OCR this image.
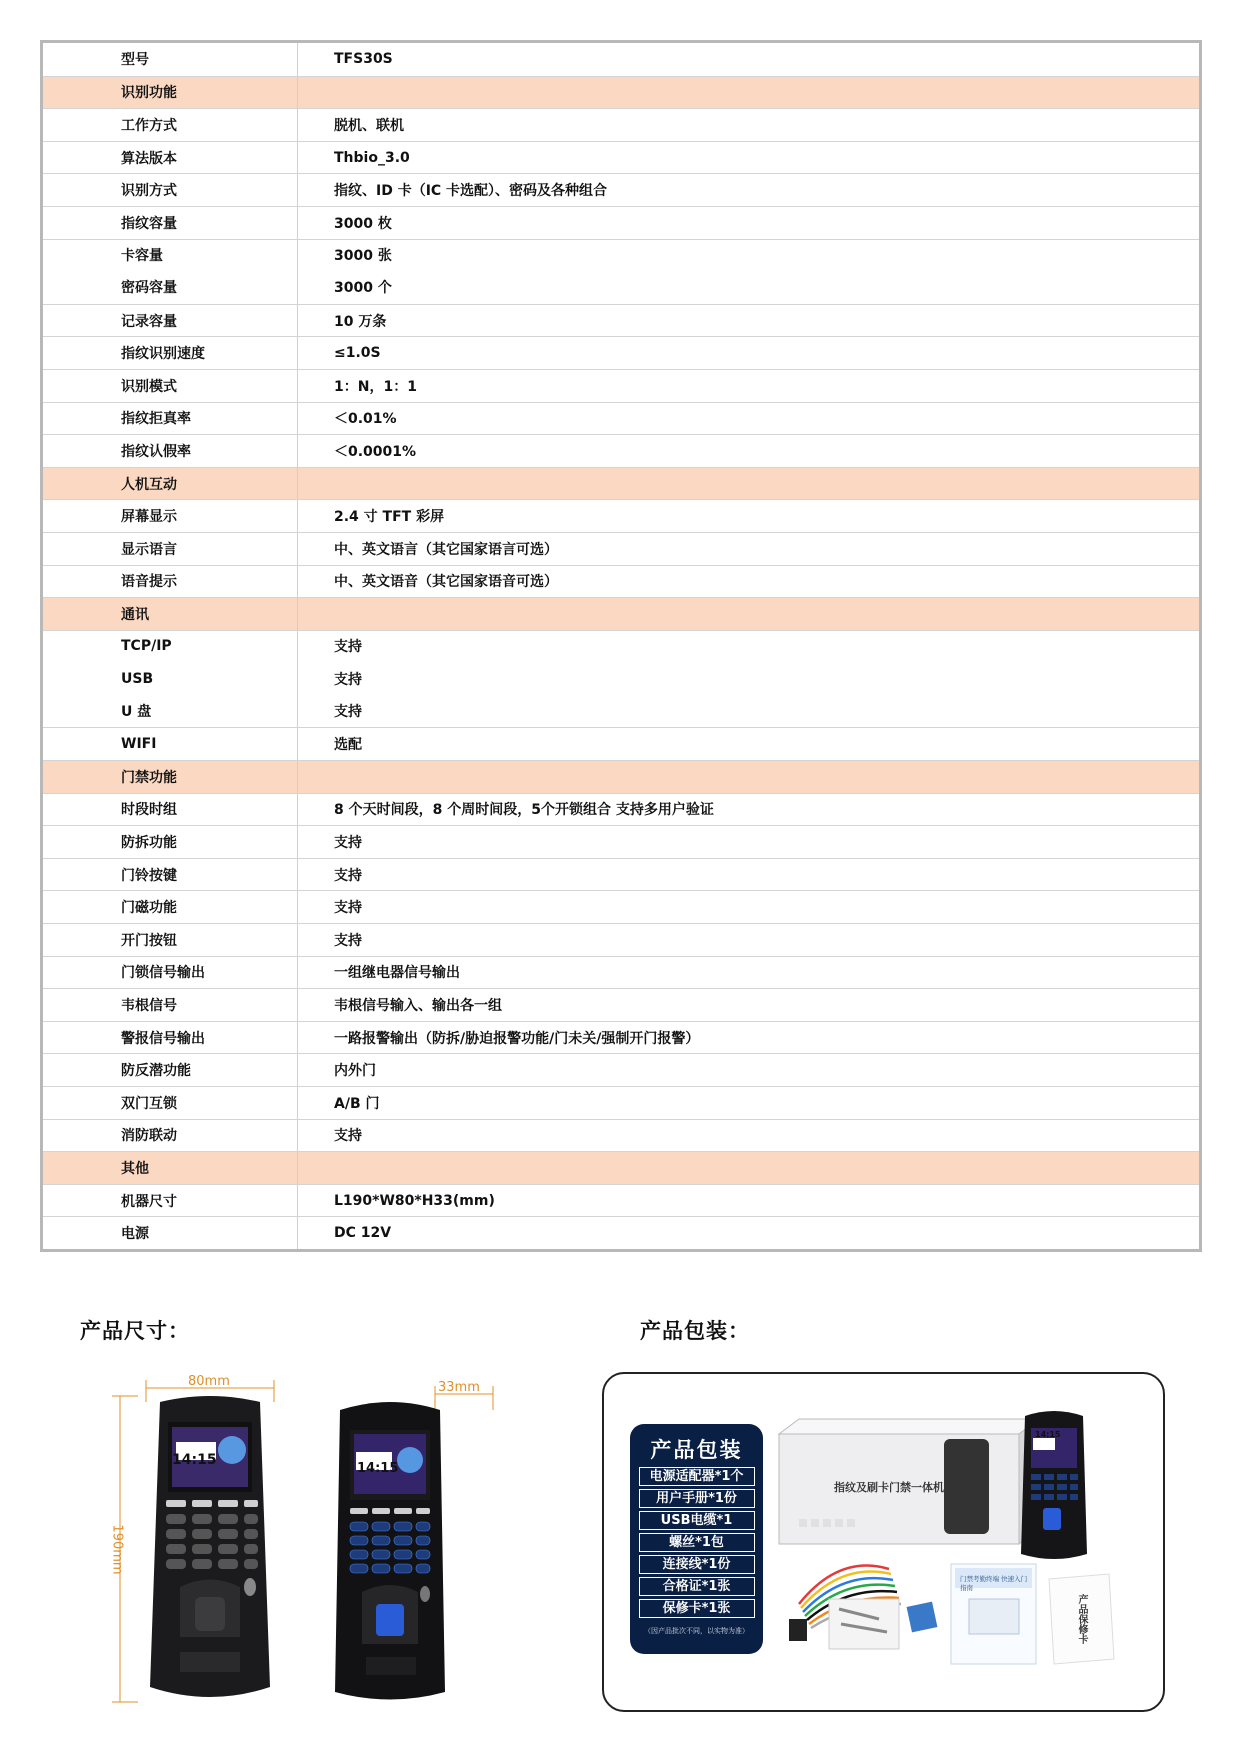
型号	TFS30S
识别功能
工作方式	脱机、联机
算法版本	Thbio_3.0
识别方式	指纹、ID 卡（IC 卡选配）、密码及各种组合
指纹容量	3000 枚
卡容量	3000 张
密码容量	3000 个
记录容量	10 万条
指纹识别速度	≤1.0S
识别模式	1：N，1：1
指纹拒真率	＜0.01%
指纹认假率	＜0.0001%
人机互动
屏幕显示	2.4 寸 TFT 彩屏
显示语言	中、英文语言（其它国家语言可选）
语音提示	中、英文语音（其它国家语音可选）
通讯
TCP/IP	支持
USB	支持
U 盘	支持
WIFI	选配
门禁功能
时段时组	8 个天时间段，8 个周时间段，5个开锁组合 支持多用户验证
防拆功能	支持
门铃按键	支持
门磁功能	支持
开门按钮	支持
门锁信号输出	一组继电器信号输出
韦根信号	韦根信号输入、输出各一组
警报信号输出	一路报警输出（防拆/胁迫报警功能/门未关/强制开门报警）
防反潜功能	内外门
双门互锁	A/B 门
消防联动	支持
其他
机器尺寸	L190*W80*H33(mm)
电源	DC 12V
产品尺寸：	产品包装：
80mm
190mm
33mm
14:15
14:15
产品包装
电源适配器*1个
用户手册*1份
USB电缆*1
螺丝*1包
连接线*1份
合格证*1张
保修卡*1张
（因产品批次不同，以实物为准）
指纹及刷卡门禁一体机
门禁考勤终端 快速入门指南
产品保修卡
14:15
